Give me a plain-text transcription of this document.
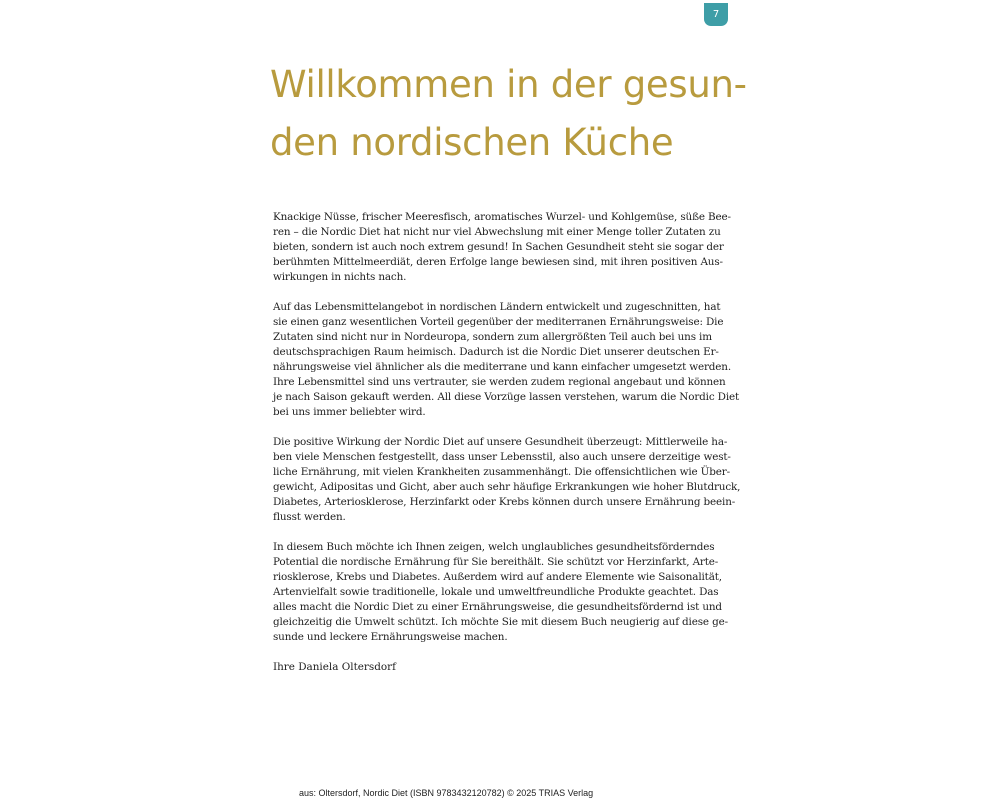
7
Willkommen in der gesun-
den nordischen Küche

Knackige Nüsse, frischer Meeresfisch, aromatisches Wurzel- und Kohlgemüse, süße Bee-
ren – die Nordic Diet hat nicht nur viel Abwechslung mit einer Menge toller Zutaten zu
bieten, sondern ist auch noch extrem gesund! In Sachen Gesundheit steht sie sogar der
berühmten Mittelmeerdiät, deren Erfolge lange bewiesen sind, mit ihren positiven Aus-
wirkungen in nichts nach.

Auf das Lebensmittelangebot in nordischen Ländern entwickelt und zugeschnitten, hat
sie einen ganz wesentlichen Vorteil gegenüber der mediterranen Ernährungsweise: Die
Zutaten sind nicht nur in Nordeuropa, sondern zum allergrößten Teil auch bei uns im
deutschsprachigen Raum heimisch. Dadurch ist die Nordic Diet unserer deutschen Er-
nährungsweise viel ähnlicher als die mediterrane und kann einfacher umgesetzt werden.
Ihre Lebensmittel sind uns vertrauter, sie werden zudem regional angebaut und können
je nach Saison gekauft werden. All diese Vorzüge lassen verstehen, warum die Nordic Diet
bei uns immer beliebter wird.

Die positive Wirkung der Nordic Diet auf unsere Gesundheit überzeugt: Mittlerweile ha-
ben viele Menschen festgestellt, dass unser Lebensstil, also auch unsere derzeitige west-
liche Ernährung, mit vielen Krankheiten zusammenhängt. Die offensichtlichen wie Über-
gewicht, Adipositas und Gicht, aber auch sehr häufige Erkrankungen wie hoher Blutdruck,
Diabetes, Arteriosklerose, Herzinfarkt oder Krebs können durch unsere Ernährung beein-
flusst werden.

In diesem Buch möchte ich Ihnen zeigen, welch unglaubliches gesundheitsförderndes
Potential die nordische Ernährung für Sie bereithält. Sie schützt vor Herzinfarkt, Arte-
riosklerose, Krebs und Diabetes. Außerdem wird auf andere Elemente wie Saisonalität,
Artenvielfalt sowie traditionelle, lokale und umweltfreundliche Produkte geachtet. Das
alles macht die Nordic Diet zu einer Ernährungsweise, die gesundheitsfördernd ist und
gleichzeitig die Umwelt schützt. Ich möchte Sie mit diesem Buch neugierig auf diese ge-
sunde und leckere Ernährungsweise machen.

Ihre Daniela Oltersdorf

aus: Oltersdorf, Nordic Diet (ISBN 9783432120782) © 2025 TRIAS Verlag
